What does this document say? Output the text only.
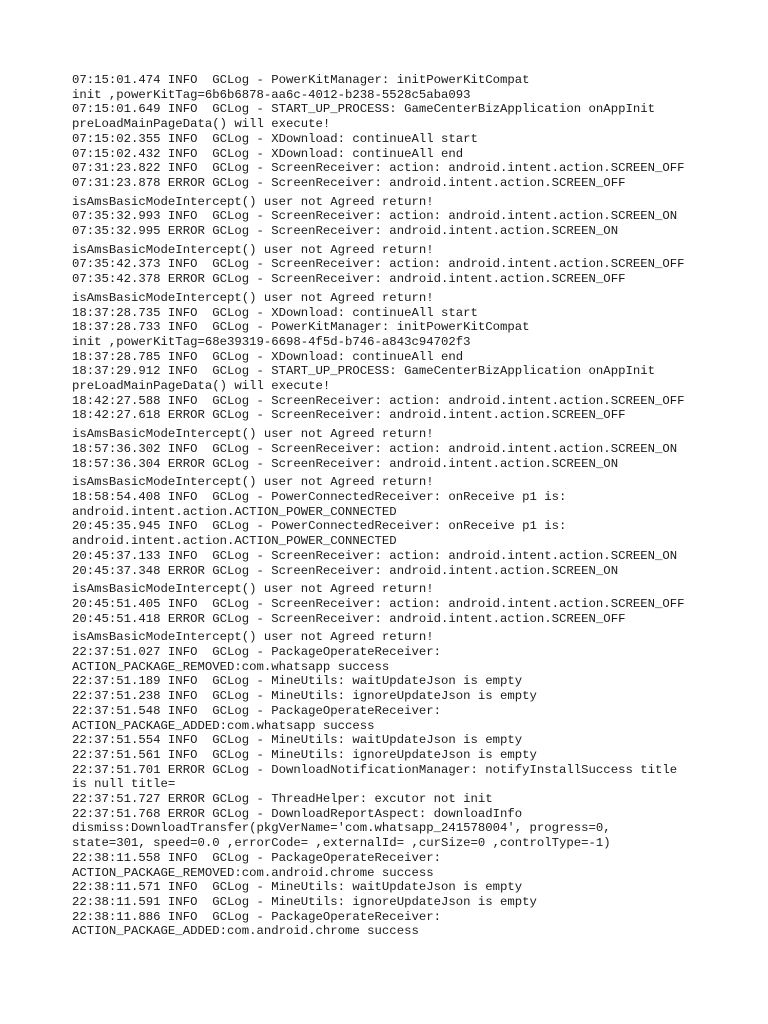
07:15:01.474 INFO  GCLog - PowerKitManager: initPowerKitCompat
init ,powerKitTag=6b6b6878-aa6c-4012-b238-5528c5aba093
07:15:01.649 INFO  GCLog - START_UP_PROCESS: GameCenterBizApplication onAppInit
preLoadMainPageData() will execute!
07:15:02.355 INFO  GCLog - XDownload: continueAll start
07:15:02.432 INFO  GCLog - XDownload: continueAll end
07:31:23.822 INFO  GCLog - ScreenReceiver: action: android.intent.action.SCREEN_OFF
07:31:23.878 ERROR GCLog - ScreenReceiver: android.intent.action.SCREEN_OFF
isAmsBasicModeIntercept() user not Agreed return!
07:35:32.993 INFO  GCLog - ScreenReceiver: action: android.intent.action.SCREEN_ON
07:35:32.995 ERROR GCLog - ScreenReceiver: android.intent.action.SCREEN_ON
isAmsBasicModeIntercept() user not Agreed return!
07:35:42.373 INFO  GCLog - ScreenReceiver: action: android.intent.action.SCREEN_OFF
07:35:42.378 ERROR GCLog - ScreenReceiver: android.intent.action.SCREEN_OFF
isAmsBasicModeIntercept() user not Agreed return!
18:37:28.735 INFO  GCLog - XDownload: continueAll start
18:37:28.733 INFO  GCLog - PowerKitManager: initPowerKitCompat
init ,powerKitTag=68e39319-6698-4f5d-b746-a843c94702f3
18:37:28.785 INFO  GCLog - XDownload: continueAll end
18:37:29.912 INFO  GCLog - START_UP_PROCESS: GameCenterBizApplication onAppInit
preLoadMainPageData() will execute!
18:42:27.588 INFO  GCLog - ScreenReceiver: action: android.intent.action.SCREEN_OFF
18:42:27.618 ERROR GCLog - ScreenReceiver: android.intent.action.SCREEN_OFF
isAmsBasicModeIntercept() user not Agreed return!
18:57:36.302 INFO  GCLog - ScreenReceiver: action: android.intent.action.SCREEN_ON
18:57:36.304 ERROR GCLog - ScreenReceiver: android.intent.action.SCREEN_ON
isAmsBasicModeIntercept() user not Agreed return!
18:58:54.408 INFO  GCLog - PowerConnectedReceiver: onReceive p1 is:
android.intent.action.ACTION_POWER_CONNECTED
20:45:35.945 INFO  GCLog - PowerConnectedReceiver: onReceive p1 is:
android.intent.action.ACTION_POWER_CONNECTED
20:45:37.133 INFO  GCLog - ScreenReceiver: action: android.intent.action.SCREEN_ON
20:45:37.348 ERROR GCLog - ScreenReceiver: android.intent.action.SCREEN_ON
isAmsBasicModeIntercept() user not Agreed return!
20:45:51.405 INFO  GCLog - ScreenReceiver: action: android.intent.action.SCREEN_OFF
20:45:51.418 ERROR GCLog - ScreenReceiver: android.intent.action.SCREEN_OFF
isAmsBasicModeIntercept() user not Agreed return!
22:37:51.027 INFO  GCLog - PackageOperateReceiver:
ACTION_PACKAGE_REMOVED:com.whatsapp success
22:37:51.189 INFO  GCLog - MineUtils: waitUpdateJson is empty
22:37:51.238 INFO  GCLog - MineUtils: ignoreUpdateJson is empty
22:37:51.548 INFO  GCLog - PackageOperateReceiver:
ACTION_PACKAGE_ADDED:com.whatsapp success
22:37:51.554 INFO  GCLog - MineUtils: waitUpdateJson is empty
22:37:51.561 INFO  GCLog - MineUtils: ignoreUpdateJson is empty
22:37:51.701 ERROR GCLog - DownloadNotificationManager: notifyInstallSuccess title
is null title=
22:37:51.727 ERROR GCLog - ThreadHelper: excutor not init
22:37:51.768 ERROR GCLog - DownloadReportAspect: downloadInfo
dismiss:DownloadTransfer(pkgVerName='com.whatsapp_241578004', progress=0,
state=301, speed=0.0 ,errorCode= ,externalId= ,curSize=0 ,controlType=-1)
22:38:11.558 INFO  GCLog - PackageOperateReceiver:
ACTION_PACKAGE_REMOVED:com.android.chrome success
22:38:11.571 INFO  GCLog - MineUtils: waitUpdateJson is empty
22:38:11.591 INFO  GCLog - MineUtils: ignoreUpdateJson is empty
22:38:11.886 INFO  GCLog - PackageOperateReceiver:
ACTION_PACKAGE_ADDED:com.android.chrome success
